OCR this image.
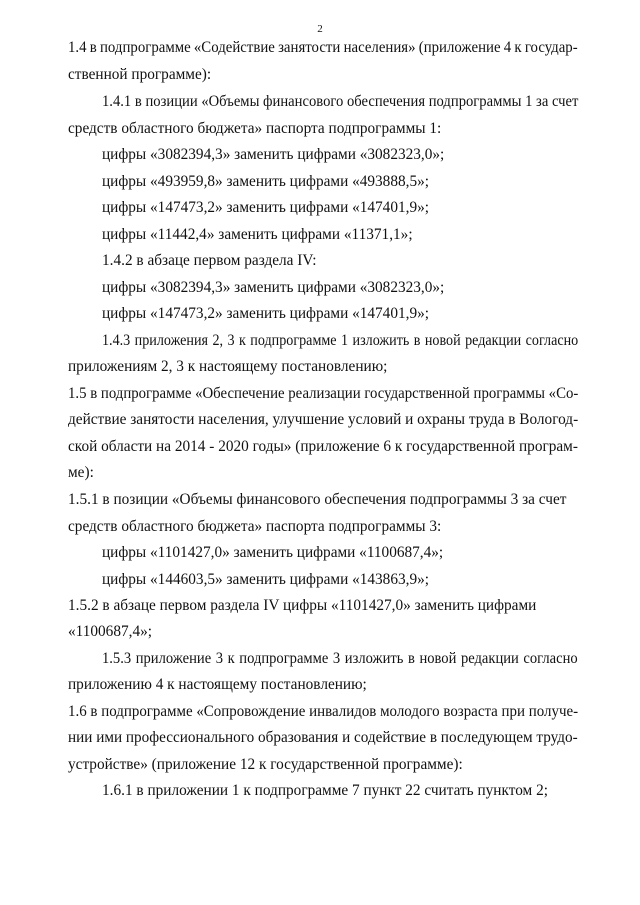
2
1.4 в подпрограмме «Содействие занятости населения» (приложение 4 к государ-
ственной программе):
1.4.1 в позиции «Объемы финансового обеспечения подпрограммы 1 за счет
средств областного бюджета» паспорта подпрограммы 1:
цифры «3082394,3» заменить цифрами «3082323,0»;
цифры «493959,8» заменить цифрами «493888,5»;
цифры «147473,2» заменить цифрами «147401,9»;
цифры «11442,4» заменить цифрами «11371,1»;
1.4.2 в абзаце первом раздела IV:
цифры «3082394,3» заменить цифрами «3082323,0»;
цифры «147473,2» заменить цифрами «147401,9»;
1.4.3 приложения 2, 3 к подпрограмме 1 изложить в новой редакции согласно
приложениям 2, 3 к настоящему постановлению;
1.5 в подпрограмме «Обеспечение реализации государственной программы «Со-
действие занятости населения, улучшение условий и охраны труда в Вологод-
ской области на 2014 - 2020 годы» (приложение 6 к государственной програм-
ме):
1.5.1 в позиции «Объемы финансового обеспечения подпрограммы 3 за счет
средств областного бюджета» паспорта подпрограммы 3:
цифры «1101427,0» заменить цифрами «1100687,4»;
цифры «144603,5» заменить цифрами «143863,9»;
1.5.2 в абзаце первом раздела IV цифры «1101427,0» заменить цифрами
«1100687,4»;
1.5.3 приложение 3 к подпрограмме 3 изложить в новой редакции согласно
приложению 4 к настоящему постановлению;
1.6 в подпрограмме «Сопровождение инвалидов молодого возраста при получе-
нии ими профессионального образования и содействие в последующем трудо-
устройстве» (приложение 12 к государственной программе):
1.6.1 в приложении 1 к подпрограмме 7 пункт 22 считать пунктом 2;
